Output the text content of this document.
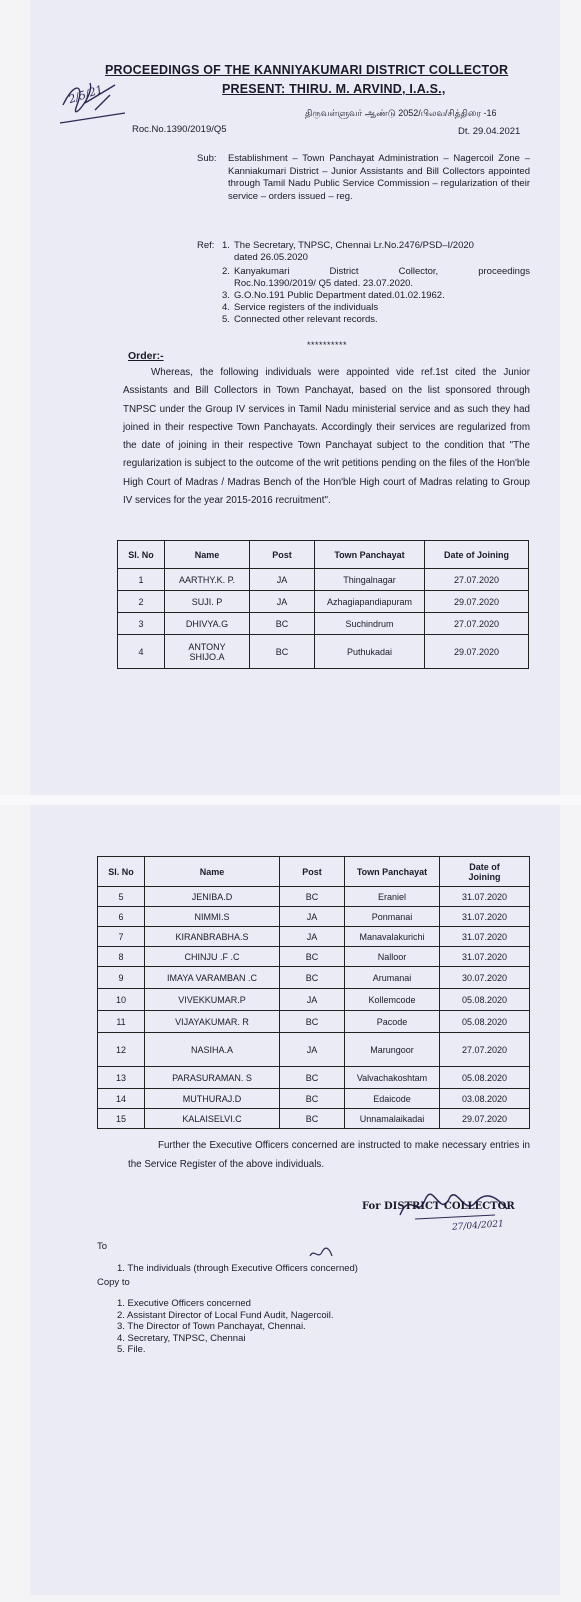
2/5/21
PROCEEDINGS OF THE KANNIYAKUMARI DISTRICT COLLECTOR
PRESENT: THIRU. M. ARVIND, I.A.S.,
திருவள்ளுவர் ஆண்டு 2052/பிலவ/சித்திரை -16
Roc.No.1390/2019/Q5	Dt. 29.04.2021
Sub: Establishment – Town Panchayat Administration – Nagercoil Zone – Kanniakumari District – Junior Assistants and Bill Collectors appointed through Tamil Nadu Public Service Commission – regularization of their service – orders issued – reg.
Ref: 1. The Secretary, TNPSC, Chennai Lr.No.2476/PSD–I/2020
dated 26.05.2020
2. Kanyakumari District Collector, proceedings
Roc.No.1390/2019/ Q5 dated. 23.07.2020.
3. G.O.No.191 Public Department dated.01.02.1962.
4. Service registers of the individuals
5. Connected other relevant records.
**********
Order:-
Whereas, the following individuals were appointed vide ref.1st cited the Junior Assistants and Bill Collectors in Town Panchayat, based on the list sponsored through TNPSC under the Group IV services in Tamil Nadu ministerial service and as such they had joined in their respective Town Panchayats. Accordingly their services are regularized from the date of joining in their respective Town Panchayat subject to the condition that "The regularization is subject to the outcome of the writ petitions pending on the files of the Hon'ble High Court of Madras / Madras Bench of the Hon'ble High court of Madras relating to Group IV services for the year 2015-2016 recruitment".
Sl. No	Name	Post	Town Panchayat	Date of Joining
1	AARTHY.K. P.	JA	Thingalnagar	27.07.2020
2	SUJI. P	JA	Azhagiapandiapuram	29.07.2020
3	DHIVYA.G	BC	Suchindrum	27.07.2020
4	ANTONY SHIJO.A	BC	Puthukadai	29.07.2020
Sl. No	Name	Post	Town Panchayat	Date of
Joining

5	JENIBA.D	BC	Eraniel	31.07.2020
6	NIMMI.S	JA	Ponmanai	31.07.2020
7	KIRANBRABHA.S	JA	Manavalakurichi	31.07.2020
8	CHINJU .F .C	BC	Nalloor	31.07.2020
9	IMAYA VARAMBAN .C	BC	Arumanai	30.07.2020
10	VIVEKKUMAR.P	JA	Kollemcode	05.08.2020
11	VIJAYAKUMAR. R	BC	Pacode	05.08.2020
12	NASIHA.A	JA	Marungoor	27.07.2020
13	PARASURAMAN. S	BC	Valvachakoshtam	05.08.2020
14	MUTHURAJ.D	BC	Edaicode	03.08.2020
15	KALAISELVI.C	BC	Unnamalaikadai	29.07.2020
Further the Executive Officers concerned are instructed to make necessary entries in the Service Register of the above individuals.
For DISTRICT COLLECTOR
27/04/2021
To
1. The individuals (through Executive Officers concerned)
Copy to
1. Executive Officers concerned
2. Assistant Director of Local Fund Audit, Nagercoil.
3. The Director of Town Panchayat, Chennai.
4. Secretary, TNPSC, Chennai
5. File.
